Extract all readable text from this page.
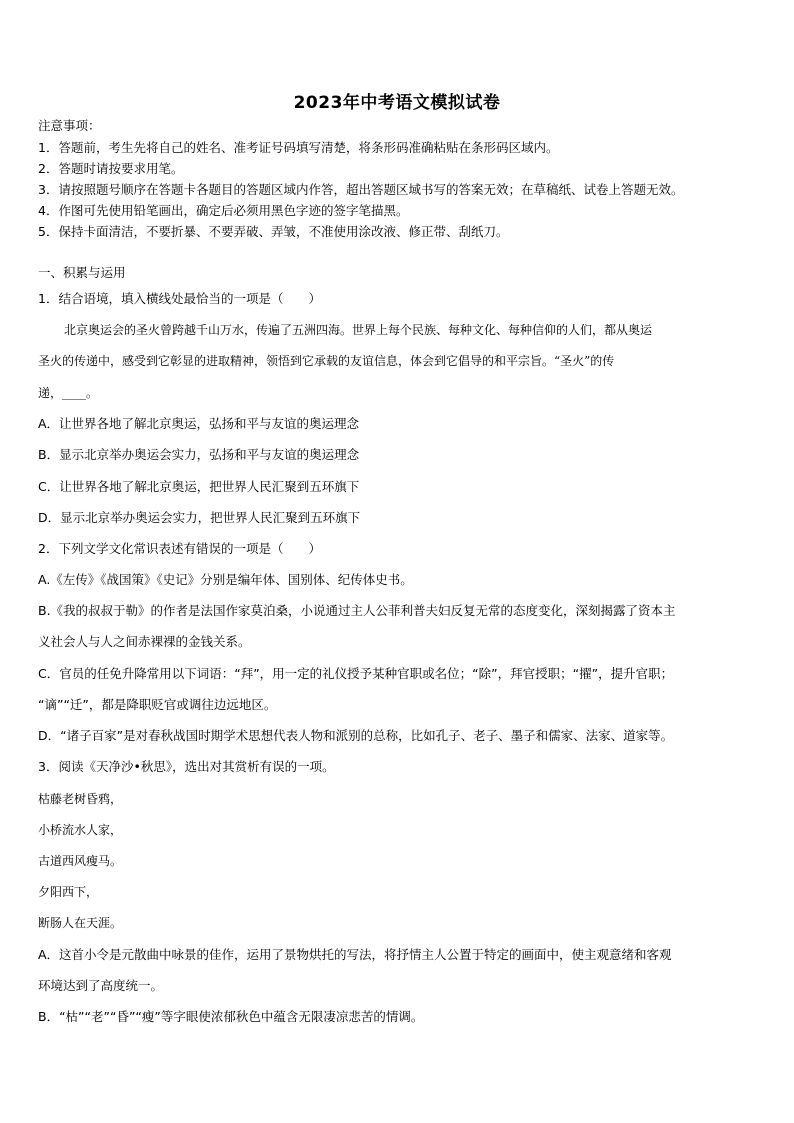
2023年中考语文模拟试卷
注意事项：
1．答题前，考生先将自己的姓名、准考证号码填写清楚，将条形码准确粘贴在条形码区域内。
2．答题时请按要求用笔。
3．请按照题号顺序在答题卡各题目的答题区域内作答，超出答题区域书写的答案无效；在草稿纸、试卷上答题无效。
4．作图可先使用铅笔画出，确定后必须用黑色字迹的签字笔描黑。
5．保持卡面清洁，不要折暴、不要弄破、弄皱，不准使用涂改液、修正带、刮纸刀。
一、积累与运用
1．结合语境，填入横线处最恰当的一项是（　　）
北京奥运会的圣火曾跨越千山万水，传遍了五洲四海。世界上每个民族、每种文化、每种信仰的人们，都从奥运
圣火的传递中，感受到它彰显的进取精神，领悟到它承载的友谊信息，体会到它倡导的和平宗旨。“圣火”的传
递，____。
A．让世界各地了解北京奥运，弘扬和平与友谊的奥运理念
B．显示北京举办奥运会实力，弘扬和平与友谊的奥运理念
C．让世界各地了解北京奥运，把世界人民汇聚到五环旗下
D．显示北京举办奥运会实力，把世界人民汇聚到五环旗下
2．下列文学文化常识表述有错误的一项是（　　）
A.《左传》《战国策》《史记》分别是编年体、国别体、纪传体史书。
B.《我的叔叔于勒》的作者是法国作家莫泊桑，小说通过主人公菲利普夫妇反复无常的态度变化，深刻揭露了资本主
义社会人与人之间赤裸裸的金钱关系。
C．官员的任免升降常用以下词语：“拜”，用一定的礼仪授予某种官职或名位；“除”，拜官授职；“擢”，提升官职；
“谪”“迁”，都是降职贬官或调往边远地区。
D．“诸子百家”是对春秋战国时期学术思想代表人物和派别的总称，比如孔子、老子、墨子和儒家、法家、道家等。
3．阅读《天净沙•秋思》，选出对其赏析有误的一项。
枯藤老树昏鸦，
小桥流水人家，
古道西风瘦马。
夕阳西下，
断肠人在天涯。
A．这首小令是元散曲中咏景的佳作，运用了景物烘托的写法，将抒情主人公置于特定的画面中，使主观意绪和客观
环境达到了高度统一。
B．“枯”“老”“昏”“瘦”等字眼使浓郁秋色中蕴含无限凄凉悲苦的情调。
